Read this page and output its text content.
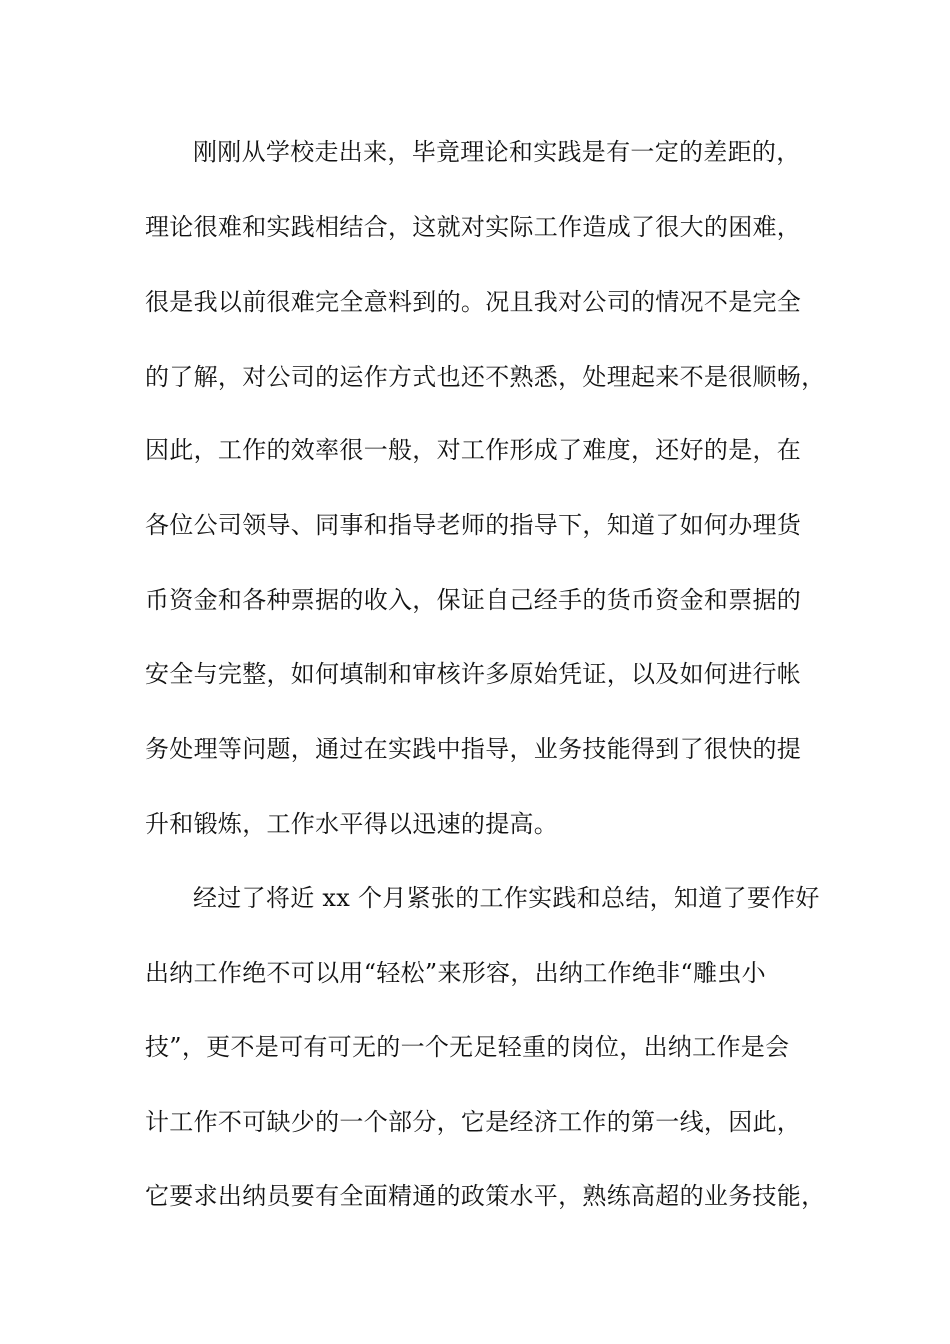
刚刚从学校走出来，毕竟理论和实践是有一定的差距的，
理论很难和实践相结合，这就对实际工作造成了很大的困难，
很是我以前很难完全意料到的。况且我对公司的情况不是完全
的了解，对公司的运作方式也还不熟悉，处理起来不是很顺畅，
因此，工作的效率很一般，对工作形成了难度，还好的是，在
各位公司领导、同事和指导老师的指导下，知道了如何办理货
币资金和各种票据的收入，保证自己经手的货币资金和票据的
安全与完整，如何填制和审核许多原始凭证，以及如何进行帐
务处理等问题，通过在实践中指导，业务技能得到了很快的提
升和锻炼，工作水平得以迅速的提高。
经过了将近 xx 个月紧张的工作实践和总结，知道了要作好
出纳工作绝不可以用“轻松”来形容，出纳工作绝非“雕虫小
技”，更不是可有可无的一个无足轻重的岗位，出纳工作是会
计工作不可缺少的一个部分，它是经济工作的第一线，因此，
它要求出纳员要有全面精通的政策水平，熟练高超的业务技能，
